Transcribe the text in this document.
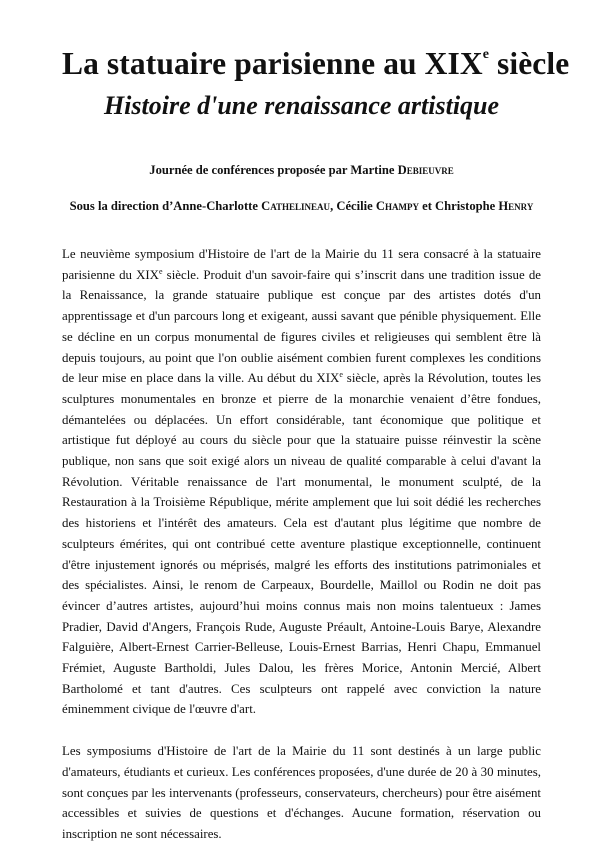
La statuaire parisienne au XIXe siècle
Histoire d'une renaissance artistique

Journée de conférences proposée par Martine Debieuvre

Sous la direction d’Anne-Charlotte Cathelineau, Cécilie Champy et Christophe Henry

Le neuvième symposium d'Histoire de l'art de la Mairie du 11 sera consacré à la statuaire parisienne du XIXe siècle. Produit d'un savoir-faire qui s’inscrit dans une tradition issue de la Renaissance, la grande statuaire publique est conçue par des artistes dotés d'un apprentissage et d'un parcours long et exigeant, aussi savant que pénible physiquement. Elle se décline en un corpus monumental de figures civiles et religieuses qui semblent être là depuis toujours, au point que l'on oublie aisément combien furent complexes les conditions de leur mise en place dans la ville. Au début du XIXe siècle, après la Révolution, toutes les sculptures monumentales en bronze et pierre de la monarchie venaient d’être fondues, démantelées ou déplacées. Un effort considérable, tant économique que politique et artistique fut déployé au cours du siècle pour que la statuaire puisse réinvestir la scène publique, non sans que soit exigé alors un niveau de qualité comparable à celui d'avant la Révolution. Véritable renaissance de l'art monumental, le monument sculpté, de la Restauration à la Troisième République, mérite amplement que lui soit dédié les recherches des historiens et l'intérêt des amateurs. Cela est d'autant plus légitime que nombre de sculpteurs émérites, qui ont contribué cette aventure plastique exceptionnelle, continuent d'être injustement ignorés ou méprisés, malgré les efforts des institutions patrimoniales et des spécialistes. Ainsi, le renom de Carpeaux, Bourdelle, Maillol ou Rodin ne doit pas évincer d’autres artistes, aujourd’hui moins connus mais non moins talentueux : James Pradier, David d'Angers, François Rude, Auguste Préault, Antoine-Louis Barye, Alexandre Falguière, Albert-Ernest Carrier-Belleuse, Louis-Ernest Barrias, Henri Chapu, Emmanuel Frémiet, Auguste Bartholdi, Jules Dalou, les frères Morice, Antonin Mercié, Albert Bartholomé et tant d'autres. Ces sculpteurs ont rappelé avec conviction la nature éminemment civique de l'œuvre d'art.

Les symposiums d'Histoire de l'art de la Mairie du 11 sont destinés à un large public d'amateurs, étudiants et curieux. Les conférences proposées, d'une durée de 20 à 30 minutes, sont conçues par les intervenants (professeurs, conservateurs, chercheurs) pour être aisément accessibles et suivies de questions et d'échanges. Aucune formation, réservation ou inscription ne sont nécessaires.
